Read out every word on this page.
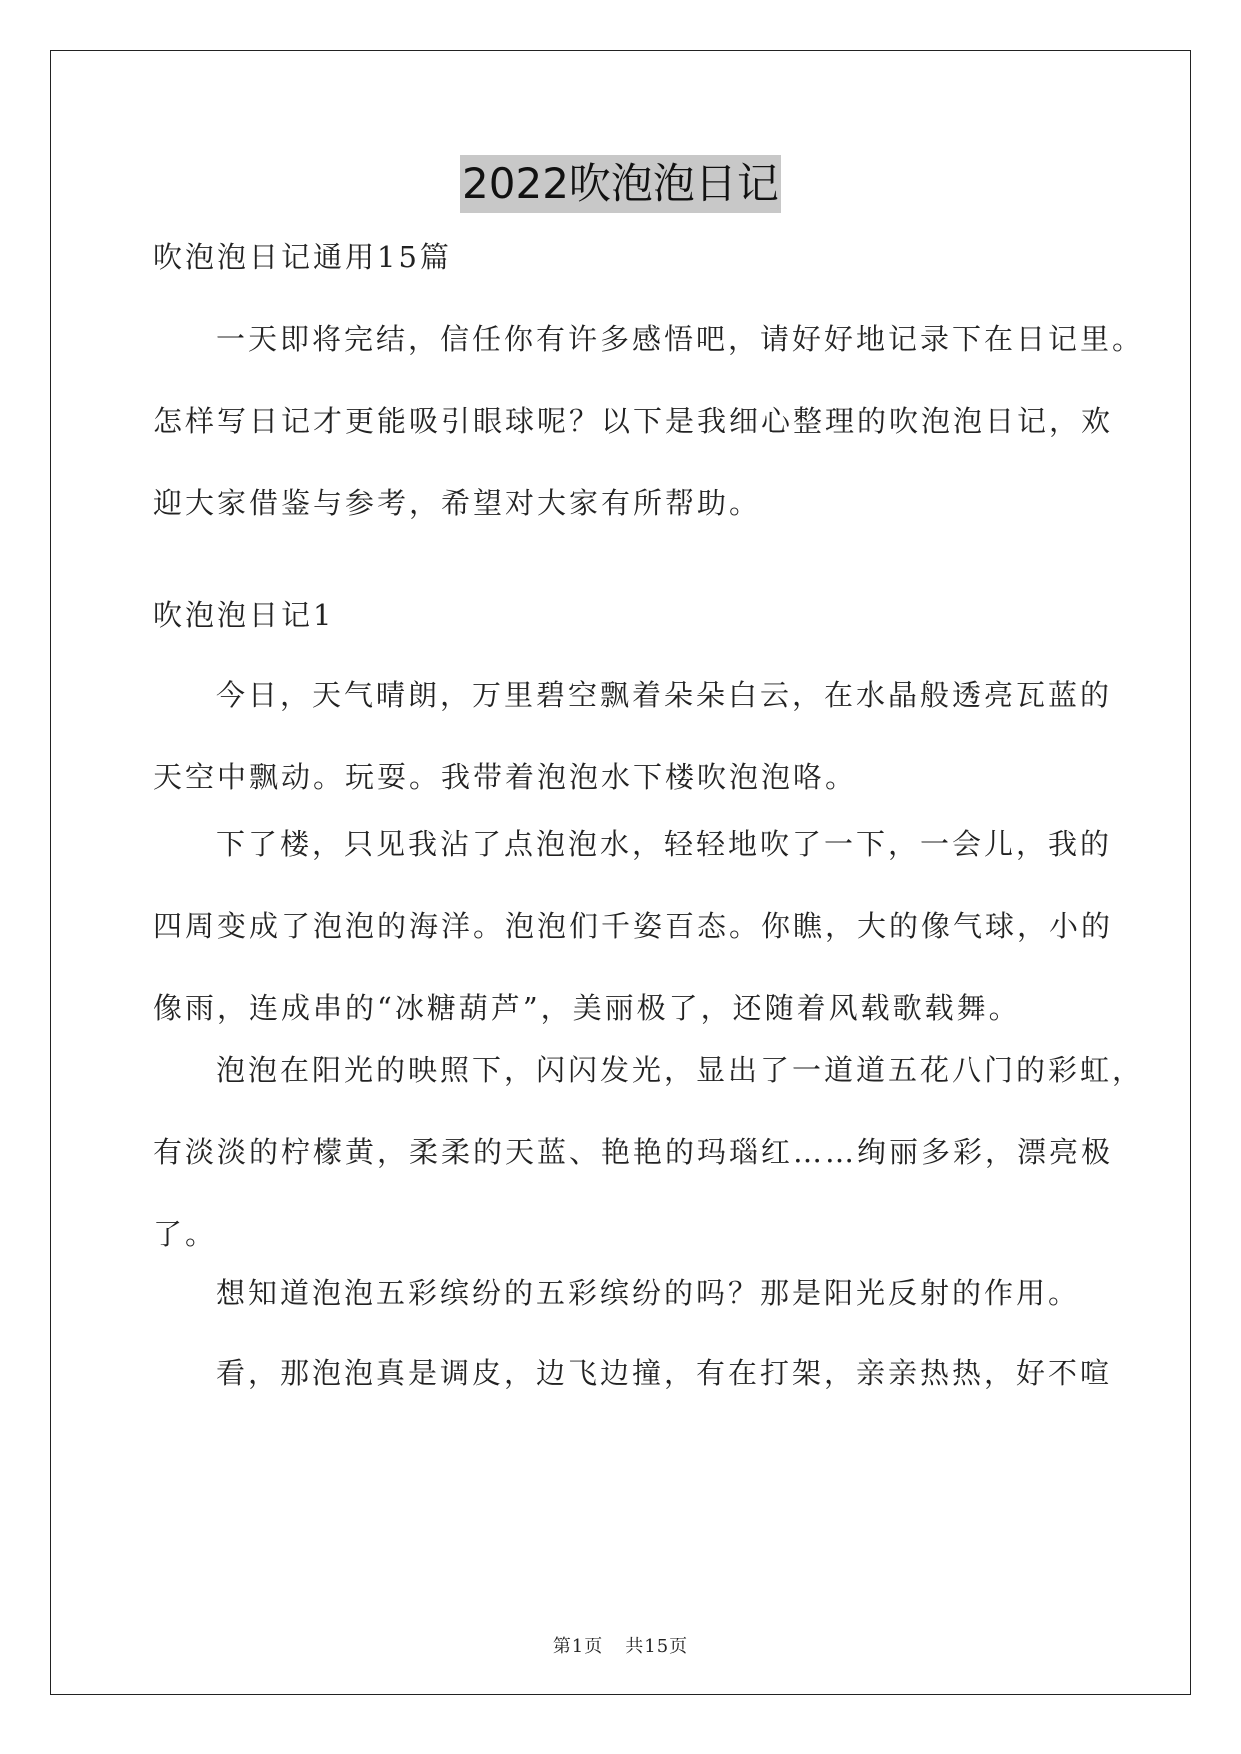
2022吹泡泡日记

吹泡泡日记通用15篇

一天即将完结，信任你有许多感悟吧，请好好地记录下在日记里。

怎样写日记才更能吸引眼球呢？以下是我细心整理的吹泡泡日记，欢

迎大家借鉴与参考，希望对大家有所帮助。

吹泡泡日记1

今日，天气晴朗，万里碧空飘着朵朵白云，在水晶般透亮瓦蓝的

天空中飘动。玩耍。我带着泡泡水下楼吹泡泡咯。

下了楼，只见我沾了点泡泡水，轻轻地吹了一下，一会儿，我的

四周变成了泡泡的海洋。泡泡们千姿百态。你瞧，大的像气球，小的

像雨，连成串的“冰糖葫芦”，美丽极了，还随着风载歌载舞。

泡泡在阳光的映照下，闪闪发光，显出了一道道五花八门的彩虹，

有淡淡的柠檬黄，柔柔的天蓝、艳艳的玛瑙红……绚丽多彩，漂亮极

了。

想知道泡泡五彩缤纷的五彩缤纷的吗？那是阳光反射的作用。

看，那泡泡真是调皮，边飞边撞，有在打架，亲亲热热，好不喧

第1页 共15页
